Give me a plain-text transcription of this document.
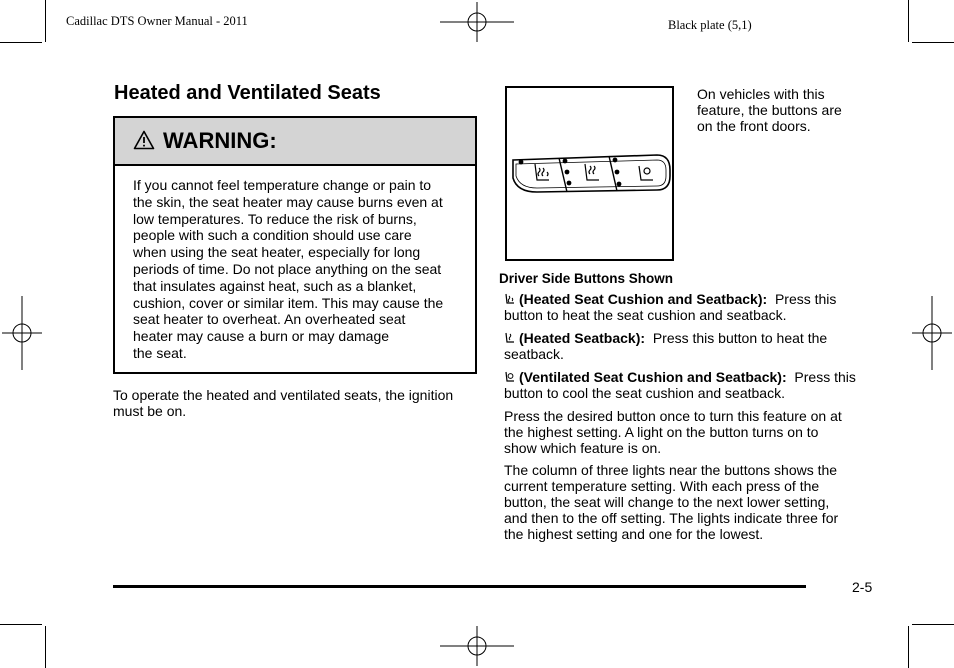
Cadillac DTS Owner Manual - 2011	Black plate (5,1)
Heated and Ventilated Seats
WARNING:
If you cannot feel temperature change or pain to
the skin, the seat heater may cause burns even at
low temperatures. To reduce the risk of burns,
people with such a condition should use care
when using the seat heater, especially for long
periods of time. Do not place anything on the seat
that insulates against heat, such as a blanket,
cushion, cover or similar item. This may cause the
seat heater to overheat. An overheated seat
heater may cause a burn or may damage
the seat.
To operate the heated and ventilated seats, the ignition
must be on.
On vehicles with this
feature, the buttons are
on the front doors.
Driver Side Buttons Shown
(Heated Seat Cushion and Seatback): Press this
button to heat the seat cushion and seatback.
(Heated Seatback): Press this button to heat the
seatback.
(Ventilated Seat Cushion and Seatback): Press this
button to cool the seat cushion and seatback.
Press the desired button once to turn this feature on at
the highest setting. A light on the button turns on to
show which feature is on.
The column of three lights near the buttons shows the
current temperature setting. With each press of the
button, the seat will change to the next lower setting,
and then to the off setting. The lights indicate three for
the highest setting and one for the lowest.
2-5
